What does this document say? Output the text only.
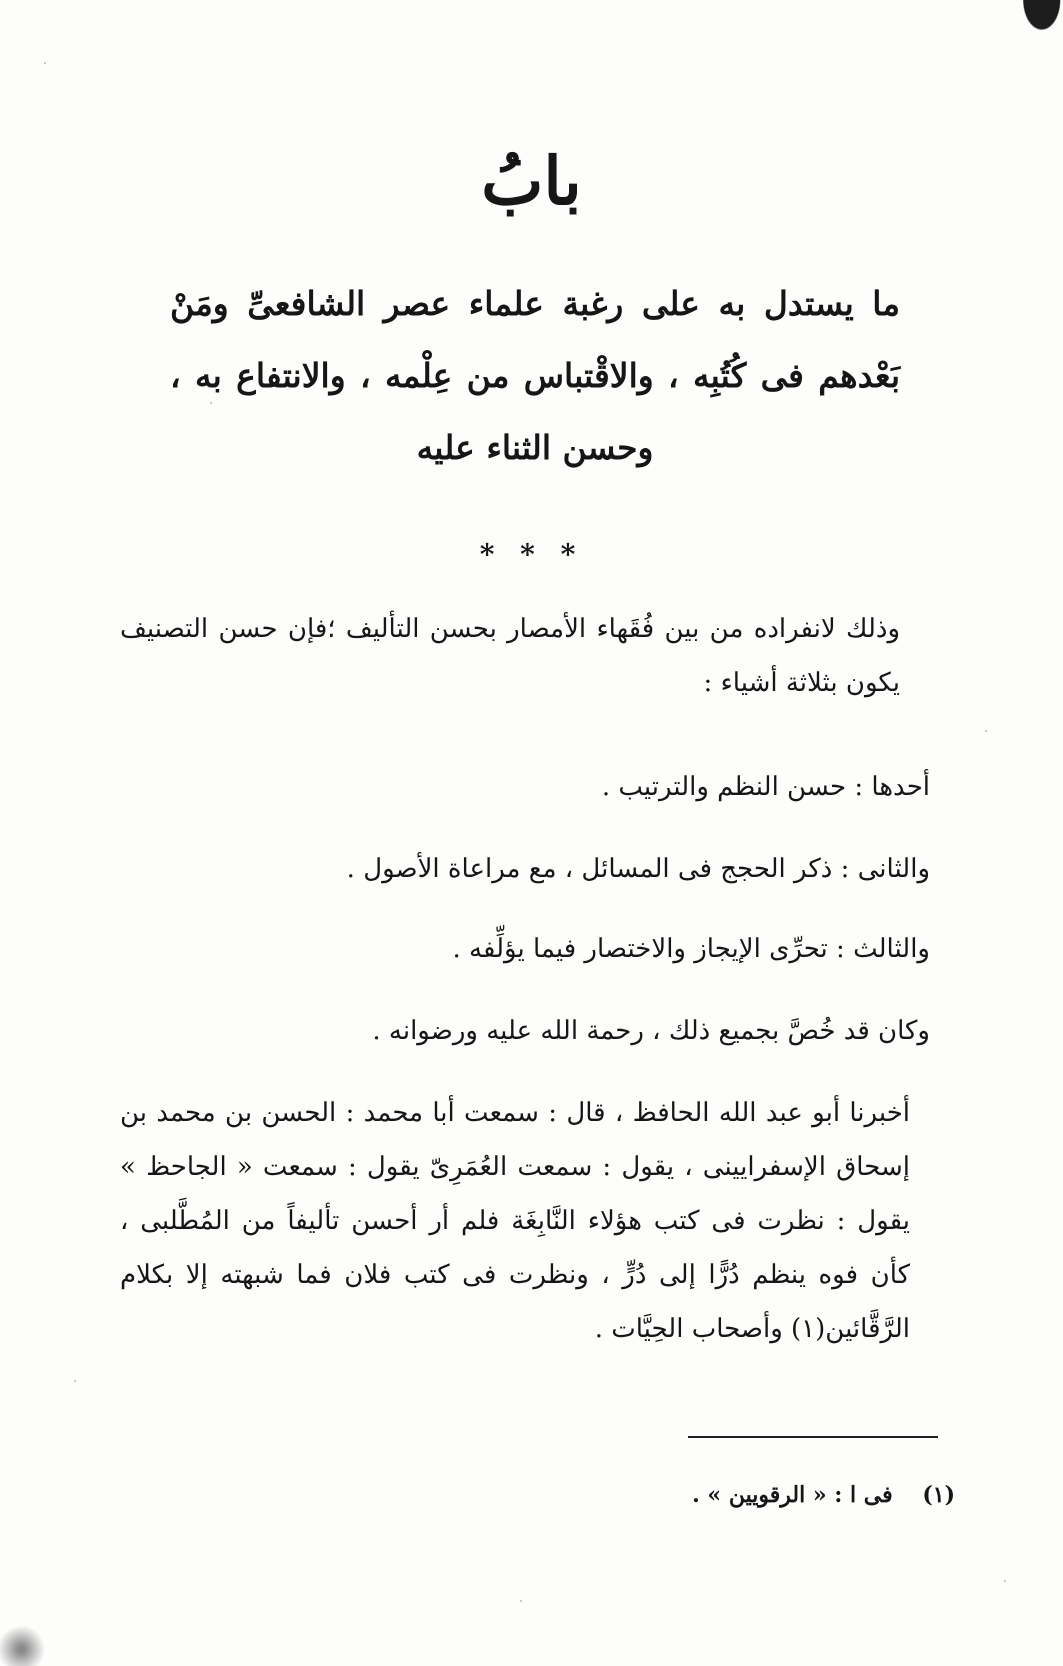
بابُ
ما يستدل به على رغبة علماء عصر الشافعىِّ ومَنْ بَعْدهم فى كُتُبِه ، والاقْتباس من عِلْمه ، والانتفاع به ، وحسن الثناء عليه
* * *
وذلك لانفراده من بين فُقَهاء الأمصار بحسن التأليف ؛فإن حسن التصنيف يكون بثلاثة أشياء :
أحدها : حسن النظم والترتيب .
والثانى : ذكر الحجج فى المسائل ، مع مراعاة الأصول .
والثالث : تحرِّى الإيجاز والاختصار فيما يؤلِّفه .
وكان قد خُصَّ بجميع ذلك ، رحمة الله عليه ورضوانه .
أخبرنا أبو عبد الله الحافظ ، قال : سمعت أبا محمد : الحسن بن محمد بن إسحاق الإسفرايينى ، يقول : سمعت العُمَرِىّ يقول : سمعت « الجاحظ » يقول : نظرت فى كتب هؤلاء النَّابِغَة فلم أر أحسن تأليفاً من المُطَّلبى ، كأن فوه ينظم دُرًّا إلى دُرٍّ ، ونظرت فى كتب فلان فما شبهته إلا بكلام الرَّقَّائين(١) وأصحاب الحِيَّات .
(١) فى ا : « الرقويين » .
